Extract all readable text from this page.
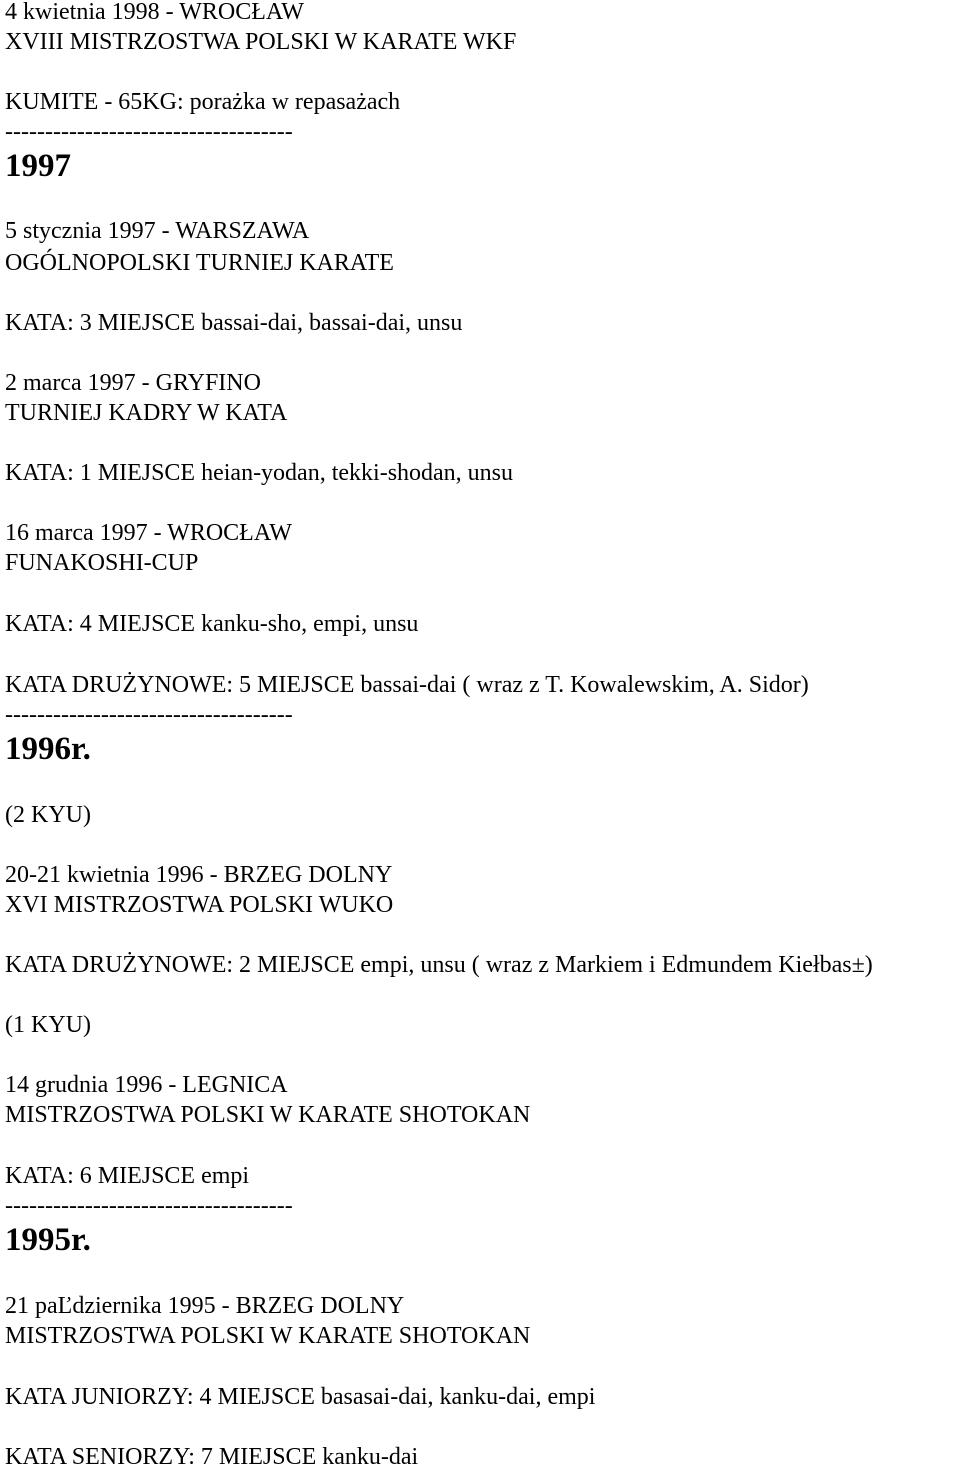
4 kwietnia 1998 - WROCŁAW
XVIII MISTRZOSTWA POLSKI W KARATE WKF
KUMITE - 65KG: porażka w repasażach
------------------------------------
1997
5 stycznia 1997 - WARSZAWA
OGÓLNOPOLSKI TURNIEJ KARATE
KATA: 3 MIEJSCE bassai-dai, bassai-dai, unsu
2 marca 1997 - GRYFINO
TURNIEJ KADRY W KATA
KATA: 1 MIEJSCE heian-yodan, tekki-shodan, unsu
16 marca 1997 - WROCŁAW
FUNAKOSHI-CUP
KATA: 4 MIEJSCE kanku-sho, empi, unsu
KATA DRUŻYNOWE: 5 MIEJSCE bassai-dai ( wraz z T. Kowalewskim, A. Sidor)
------------------------------------
1996r.
(2 KYU)
20-21 kwietnia 1996 - BRZEG DOLNY
XVI MISTRZOSTWA POLSKI WUKO
KATA DRUŻYNOWE: 2 MIEJSCE empi, unsu ( wraz z Markiem i Edmundem Kiełbas±)
(1 KYU)
14 grudnia 1996 - LEGNICA
MISTRZOSTWA POLSKI W KARATE SHOTOKAN
KATA: 6 MIEJSCE empi
------------------------------------
1995r.
21 paĽdziernika 1995 - BRZEG DOLNY
MISTRZOSTWA POLSKI W KARATE SHOTOKAN
KATA JUNIORZY: 4 MIEJSCE basasai-dai, kanku-dai, empi
KATA SENIORZY: 7 MIEJSCE kanku-dai
